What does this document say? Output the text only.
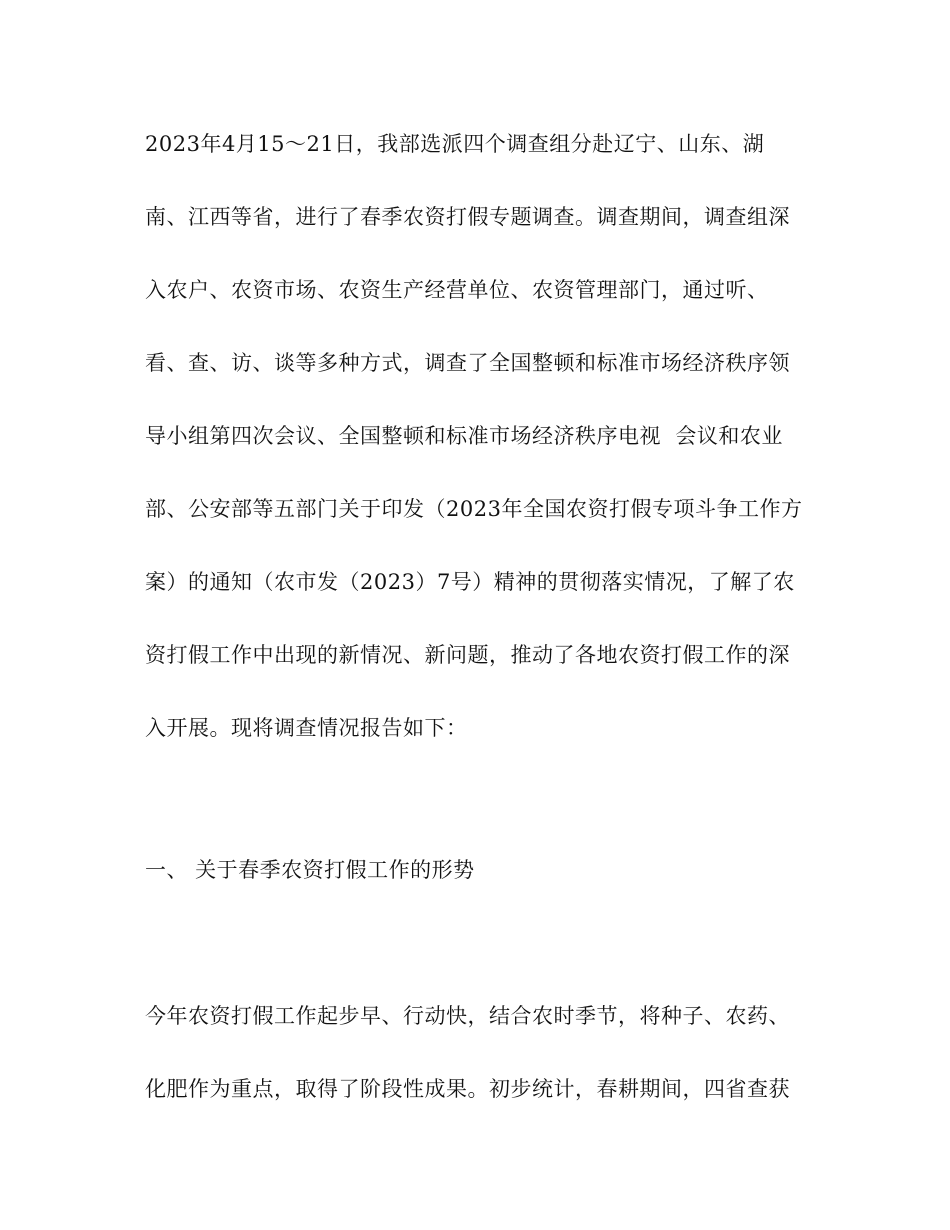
2023年4月15～21日，我部选派四个调查组分赴辽宁、山东、湖
南、江西等省，进行了春季农资打假专题调查。调查期间，调查组深
入农户、农资市场、农资生产经营单位、农资管理部门，通过听、
看、查、访、谈等多种方式，调查了全国整顿和标准市场经济秩序领
导小组第四次会议、全国整顿和标准市场经济秩序电视  会议和农业
部、公安部等五部门关于印发（2023年全国农资打假专项斗争工作方
案）的通知（农市发（2023）7号）精神的贯彻落实情况，了解了农
资打假工作中出现的新情况、新问题，推动了各地农资打假工作的深
入开展。现将调查情况报告如下：
一、 关于春季农资打假工作的形势
今年农资打假工作起步早、行动快，结合农时季节，将种子、农药、
化肥作为重点，取得了阶段性成果。初步统计，春耕期间，四省查获
